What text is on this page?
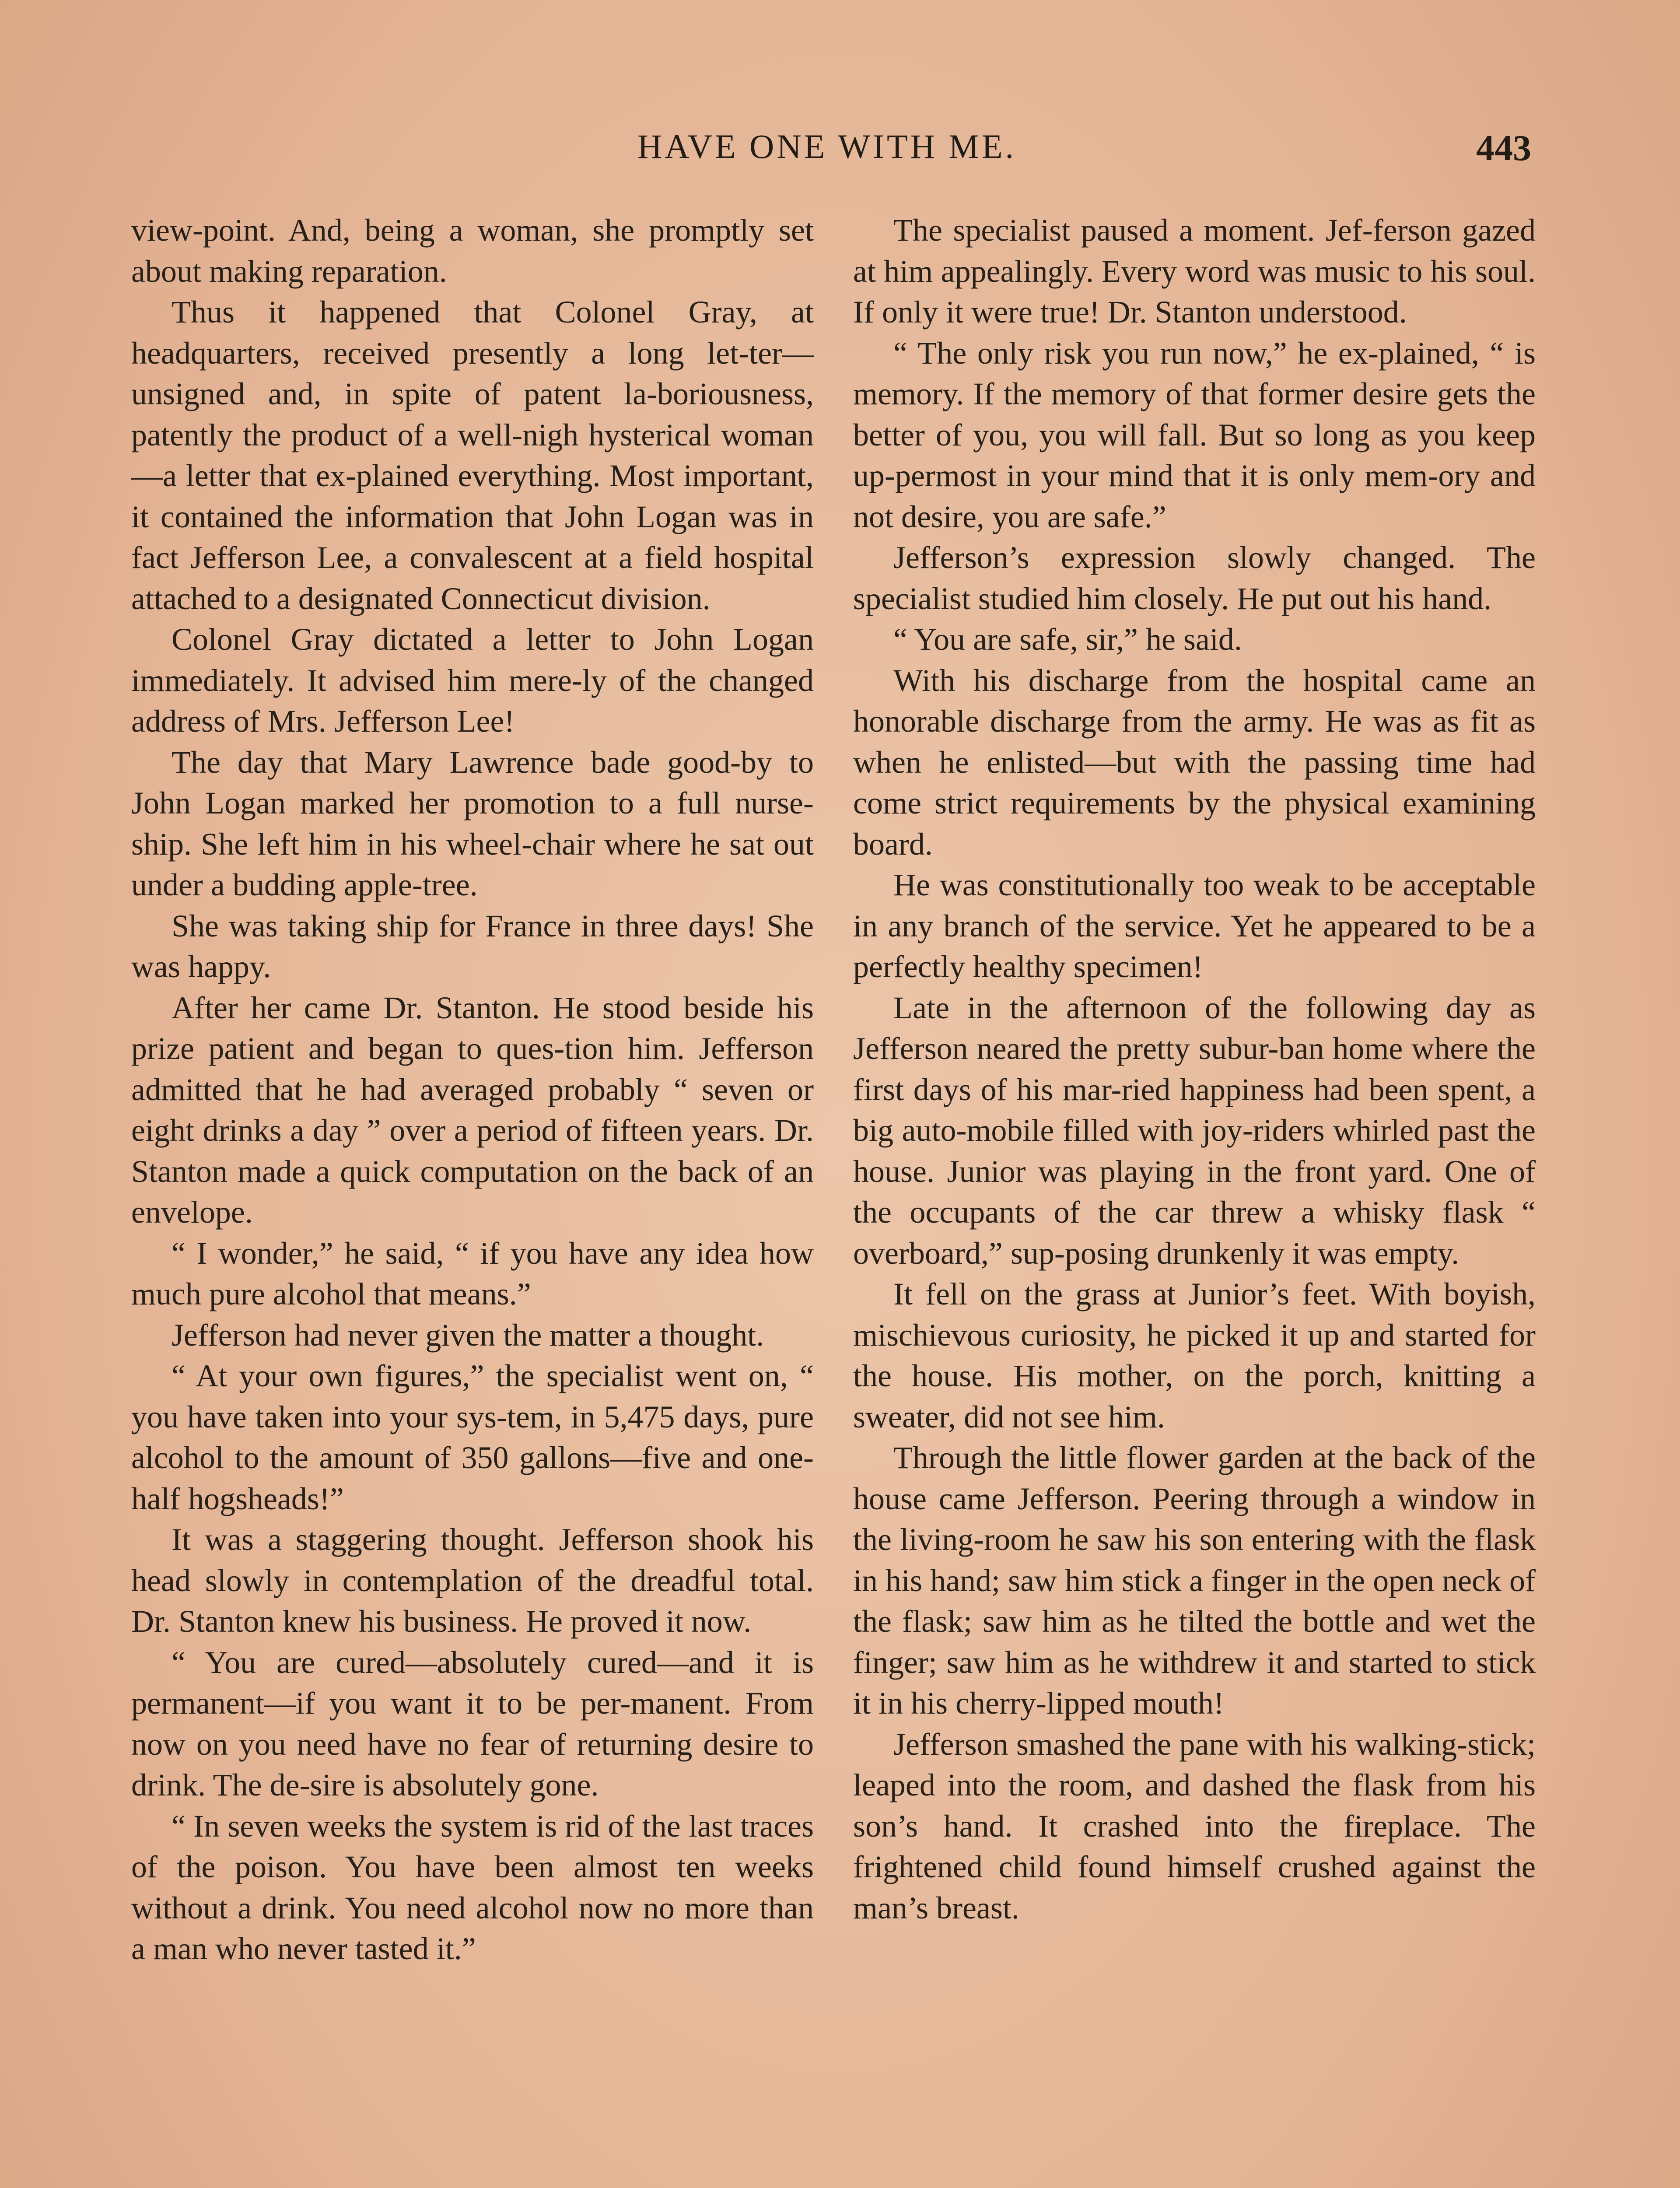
HAVE ONE WITH ME.	443

view-point. And, being a woman, she promptly set about making reparation.

Thus it happened that Colonel Gray, at headquarters, received presently a long let-ter—unsigned and, in spite of patent la-boriousness, patently the product of a well-nigh hysterical woman—a letter that ex-plained everything. Most important, it contained the information that John Logan was in fact Jefferson Lee, a convalescent at a field hospital attached to a designated Connecticut division.

Colonel Gray dictated a letter to John Logan immediately. It advised him mere-ly of the changed address of Mrs. Jefferson Lee!

The day that Mary Lawrence bade good-by to John Logan marked her promotion to a full nurse-ship. She left him in his wheel-chair where he sat out under a budding apple-tree.

She was taking ship for France in three days! She was happy.

After her came Dr. Stanton. He stood beside his prize patient and began to ques-tion him. Jefferson admitted that he had averaged probably “ seven or eight drinks a day ” over a period of fifteen years. Dr. Stanton made a quick computation on the back of an envelope.

“ I wonder,” he said, “ if you have any idea how much pure alcohol that means.”

Jefferson had never given the matter a thought.

“ At your own figures,” the specialist went on, “ you have taken into your sys-tem, in 5,475 days, pure alcohol to the amount of 350 gallons—five and one-half hogsheads!”

It was a staggering thought. Jefferson shook his head slowly in contemplation of the dreadful total. Dr. Stanton knew his business. He proved it now.

“ You are cured—absolutely cured—and it is permanent—if you want it to be per-manent. From now on you need have no fear of returning desire to drink. The de-sire is absolutely gone.

“ In seven weeks the system is rid of the last traces of the poison. You have been almost ten weeks without a drink. You need alcohol now no more than a man who never tasted it.”

The specialist paused a moment. Jef-ferson gazed at him appealingly. Every word was music to his soul. If only it were true! Dr. Stanton understood.

“ The only risk you run now,” he ex-plained, “ is memory. If the memory of that former desire gets the better of you, you will fall. But so long as you keep up-permost in your mind that it is only mem-ory and not desire, you are safe.”

Jefferson’s expression slowly changed. The specialist studied him closely. He put out his hand.

“ You are safe, sir,” he said.

With his discharge from the hospital came an honorable discharge from the army. He was as fit as when he enlisted—but with the passing time had come strict requirements by the physical examining board.

He was constitutionally too weak to be acceptable in any branch of the service. Yet he appeared to be a perfectly healthy specimen!

Late in the afternoon of the following day as Jefferson neared the pretty subur-ban home where the first days of his mar-ried happiness had been spent, a big auto-mobile filled with joy-riders whirled past the house. Junior was playing in the front yard. One of the occupants of the car threw a whisky flask “ overboard,” sup-posing drunkenly it was empty.

It fell on the grass at Junior’s feet. With boyish, mischievous curiosity, he picked it up and started for the house. His mother, on the porch, knitting a sweater, did not see him.

Through the little flower garden at the back of the house came Jefferson. Peering through a window in the living-room he saw his son entering with the flask in his hand; saw him stick a finger in the open neck of the flask; saw him as he tilted the bottle and wet the finger; saw him as he withdrew it and started to stick it in his cherry-lipped mouth!

Jefferson smashed the pane with his walking-stick; leaped into the room, and dashed the flask from his son’s hand. It crashed into the fireplace. The frightened child found himself crushed against the man’s breast.
